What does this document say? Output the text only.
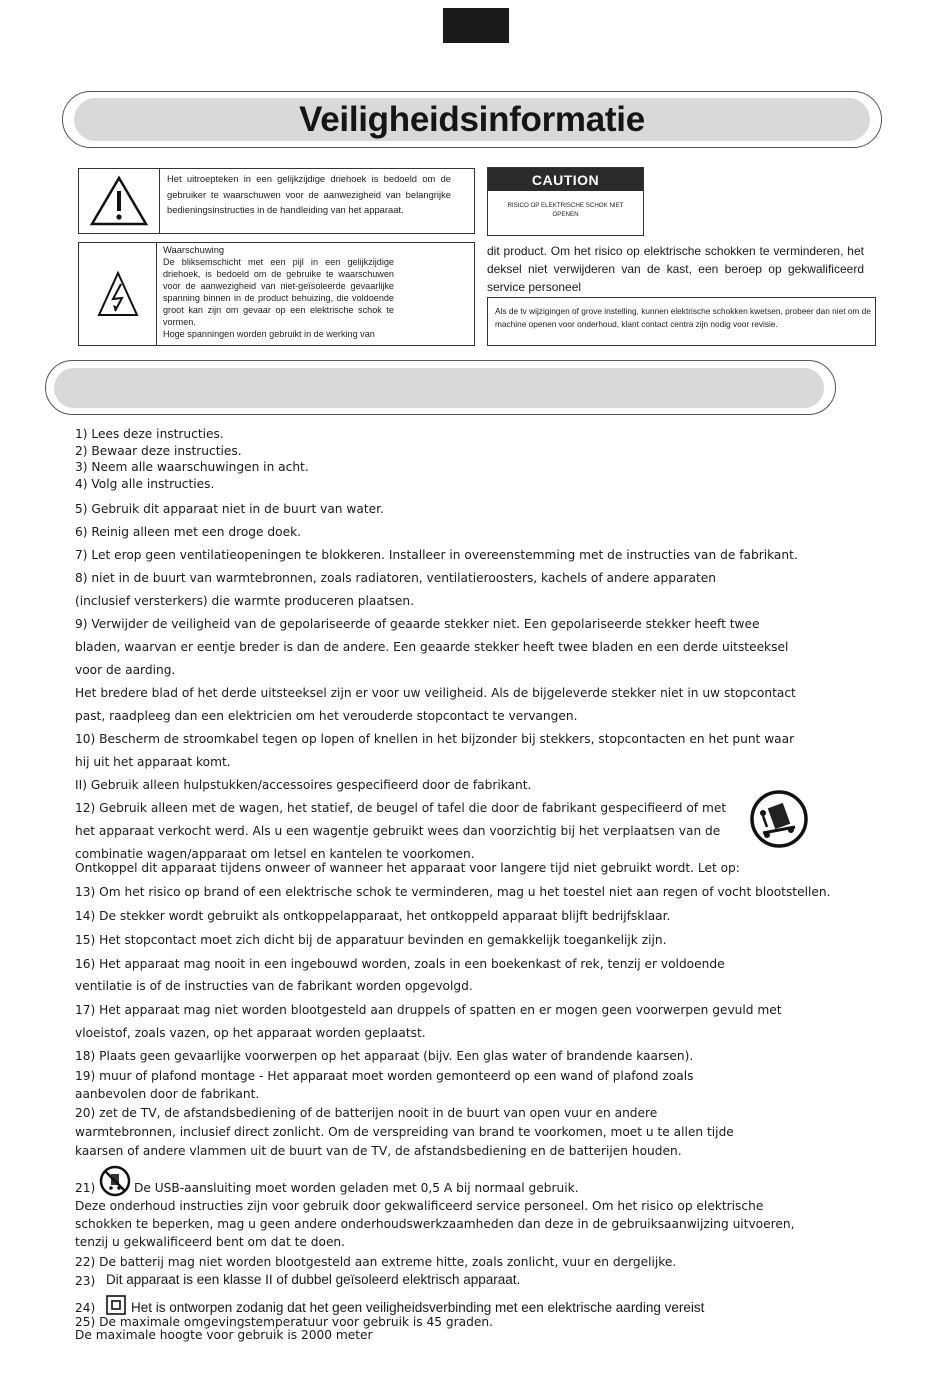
Veiligheidsinformatie
Het uitroepteken in een gelijkzijdige driehoek is bedoeld om de gebruiker te waarschuwen voor de aanwezigheid van belangrijke bedieningsinstructies in de handleiding van het apparaat.
Waarschuwing
De bliksemschicht met een pijl in een gelijkzijdige driehoek, is bedoeld om de gebruike te waarschuwen voor de aanwezigheid van niet-geïsoleerde gevaarlijke spanning binnen in de product behuizing, die voldoende groot kan zijn om gevaar op een elektrische schok te vormen.
Hoge spanningen worden gebruikt in de werking van
CAUTION
RISICO OP ELEKTRISCHE SCHOK NIET OPENEN
dit product. Om het risico op elektrische schokken te verminderen, het deksel niet verwijderen van de kast, een beroep op gekwalificeerd service personeel
Als de tv wijzigingen of grove instelling, kunnen elektrische schokken kwetsen, probeer dan niet om de machine openen voor onderhoud, klant contact centra zijn nodig voor revisie.
1) Lees deze instructies.
2) Bewaar deze instructies.
3) Neem alle waarschuwingen in acht.
4) Volg alle instructies.
5) Gebruik dit apparaat niet in de buurt van water.
6) Reinig alleen met een droge doek.
7) Let erop geen ventilatieopeningen te blokkeren. Installeer in overeenstemming met de instructies van de fabrikant.
8) niet in de buurt van warmtebronnen, zoals radiatoren, ventilatieroosters, kachels of andere apparaten
(inclusief versterkers) die warmte produceren plaatsen.
9) Verwijder de veiligheid van de gepolariseerde of geaarde stekker niet. Een gepolariseerde stekker heeft twee
bladen, waarvan er eentje breder is dan de andere. Een geaarde stekker heeft twee bladen en een derde uitsteeksel
voor de aarding.
Het bredere blad of het derde uitsteeksel zijn er voor uw veiligheid. Als de bijgeleverde stekker niet in uw stopcontact
past, raadpleeg dan een elektricien om het verouderde stopcontact te vervangen.
10) Bescherm de stroomkabel tegen op lopen of knellen in het bijzonder bij stekkers, stopcontacten en het punt waar
hij uit het apparaat komt.
II) Gebruik alleen hulpstukken/accessoires gespecifieerd door de fabrikant.
12) Gebruik alleen met de wagen, het statief, de beugel of tafel die door de fabrikant gespecifieerd of met
het apparaat verkocht werd. Als u een wagentje gebruikt wees dan voorzichtig bij het verplaatsen van de
combinatie wagen/apparaat om letsel en kantelen te voorkomen.
Ontkoppel dit apparaat tijdens onweer of wanneer het apparaat voor langere tijd niet gebruikt wordt. Let op:
13) Om het risico op brand of een elektrische schok te verminderen, mag u het toestel niet aan regen of vocht blootstellen.
14) De stekker wordt gebruikt als ontkoppelapparaat, het ontkoppeld apparaat blijft bedrijfsklaar.
15) Het stopcontact moet zich dicht bij de apparatuur bevinden en gemakkelijk toegankelijk zijn.
16) Het apparaat mag nooit in een ingebouwd worden, zoals in een boekenkast of rek, tenzij er voldoende
ventilatie is of de instructies van de fabrikant worden opgevolgd.
17) Het apparaat mag niet worden blootgesteld aan druppels of spatten en er mogen geen voorwerpen gevuld met
vloeistof, zoals vazen, op het apparaat worden geplaatst.
18) Plaats geen gevaarlijke voorwerpen op het apparaat (bijv. Een glas water of brandende kaarsen).
19) muur of plafond montage - Het apparaat moet worden gemonteerd op een wand of plafond zoals
aanbevolen door de fabrikant.
20) zet de TV, de afstandsbediening of de batterijen nooit in de buurt van open vuur en andere
warmtebronnen, inclusief direct zonlicht. Om de verspreiding van brand te voorkomen, moet u te allen tijde
kaarsen of andere vlammen uit de buurt van de TV, de afstandsbediening en de batterijen houden.
21)	De USB-aansluiting moet worden geladen met 0,5 A bij normaal gebruik.
Deze onderhoud instructies zijn voor gebruik door gekwalificeerd service personeel. Om het risico op elektrische
schokken te beperken, mag u geen andere onderhoudswerkzaamheden dan deze in de gebruiksaanwijzing uitvoeren,
tenzij u gekwalificeerd bent om dat te doen.
22) De batterij mag niet worden blootgesteld aan extreme hitte, zoals zonlicht, vuur en dergelijke.
23) Dit apparaat is een klasse II of dubbel geïsoleerd elektrisch apparaat.
24)	Het is ontworpen zodanig dat het geen veiligheidsverbinding met een elektrische aarding vereist
25) De maximale omgevingstemperatuur voor gebruik is 45 graden.
De maximale hoogte voor gebruik is 2000 meter
